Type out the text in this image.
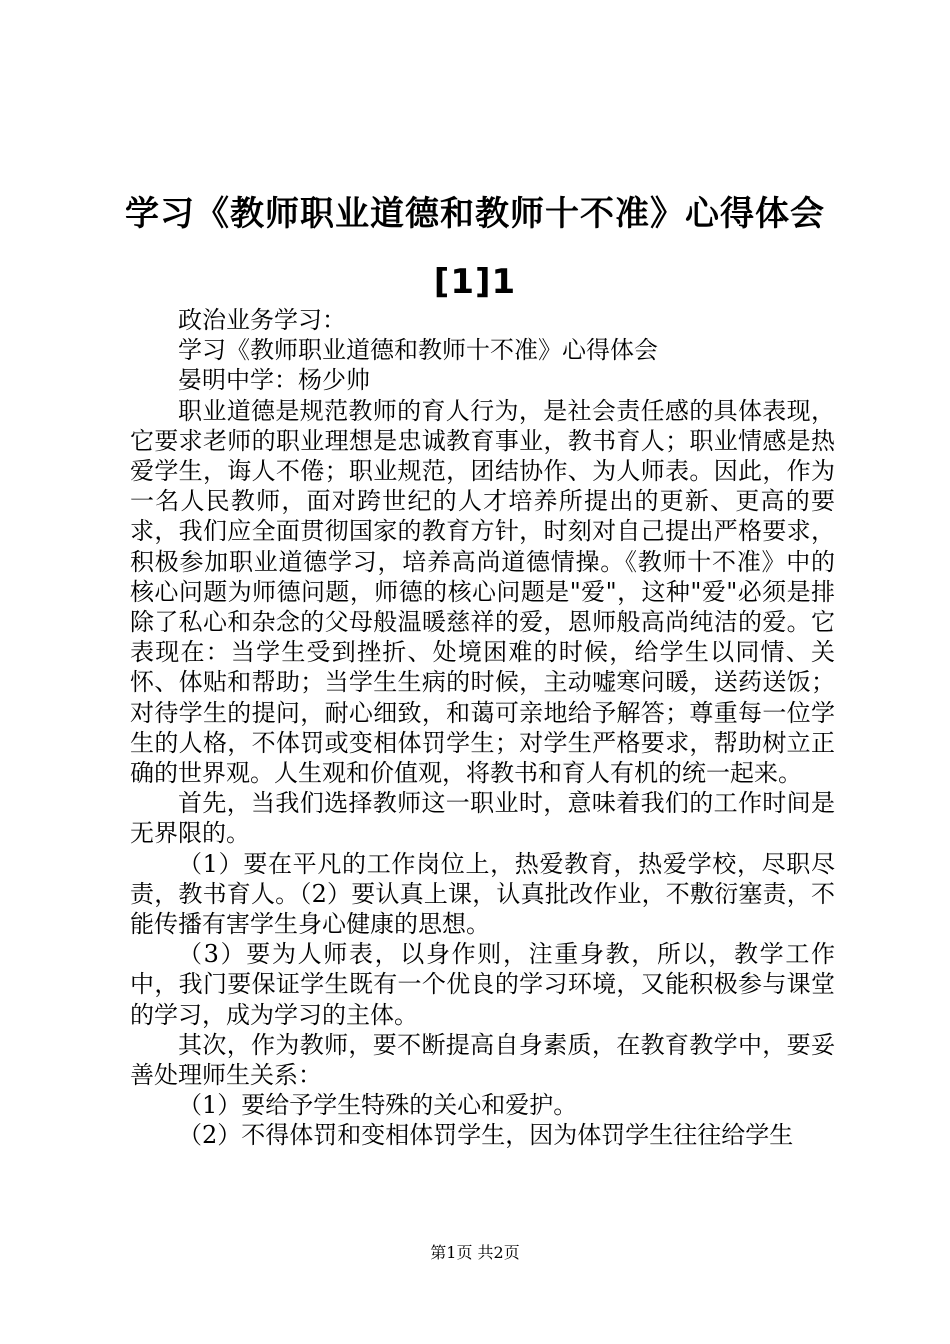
学习《教师职业道德和教师十不准》心得体会[1]1

政治业务学习：

学习《教师职业道德和教师十不准》心得体会

晏明中学：杨少帅

职业道德是规范教师的育人行为，是社会责任感的具体表现，它要求老师的职业理想是忠诚教育事业，教书育人；职业情感是热爱学生，诲人不倦；职业规范，团结协作、为人师表。因此，作为一名人民教师，面对跨世纪的人才培养所提出的更新、更高的要求，我们应全面贯彻国家的教育方针，时刻对自己提出严格要求，积极参加职业道德学习，培养高尚道德情操。《教师十不准》中的核心问题为师德问题，师德的核心问题是"爱"，这种"爱"必须是排除了私心和杂念的父母般温暖慈祥的爱，恩师般高尚纯洁的爱。它表现在：当学生受到挫折、处境困难的时候，给学生以同情、关怀、体贴和帮助；当学生生病的时候，主动嘘寒问暖，送药送饭；对待学生的提问，耐心细致，和蔼可亲地给予解答；尊重每一位学生的人格，不体罚或变相体罚学生；对学生严格要求，帮助树立正确的世界观。人生观和价值观，将教书和育人有机的统一起来。

首先，当我们选择教师这一职业时，意味着我们的工作时间是无界限的。

（1）要在平凡的工作岗位上，热爱教育，热爱学校，尽职尽责，教书育人。（2）要认真上课，认真批改作业，不敷衍塞责，不能传播有害学生身心健康的思想。

（3）要为人师表，以身作则，注重身教，所以，教学工作中，我门要保证学生既有一个优良的学习环境，又能积极参与课堂的学习，成为学习的主体。

其次，作为教师，要不断提高自身素质，在教育教学中，要妥善处理师生关系：

（1）要给予学生特殊的关心和爱护。

（2）不得体罚和变相体罚学生，因为体罚学生往往给学生

第1页 共2页
